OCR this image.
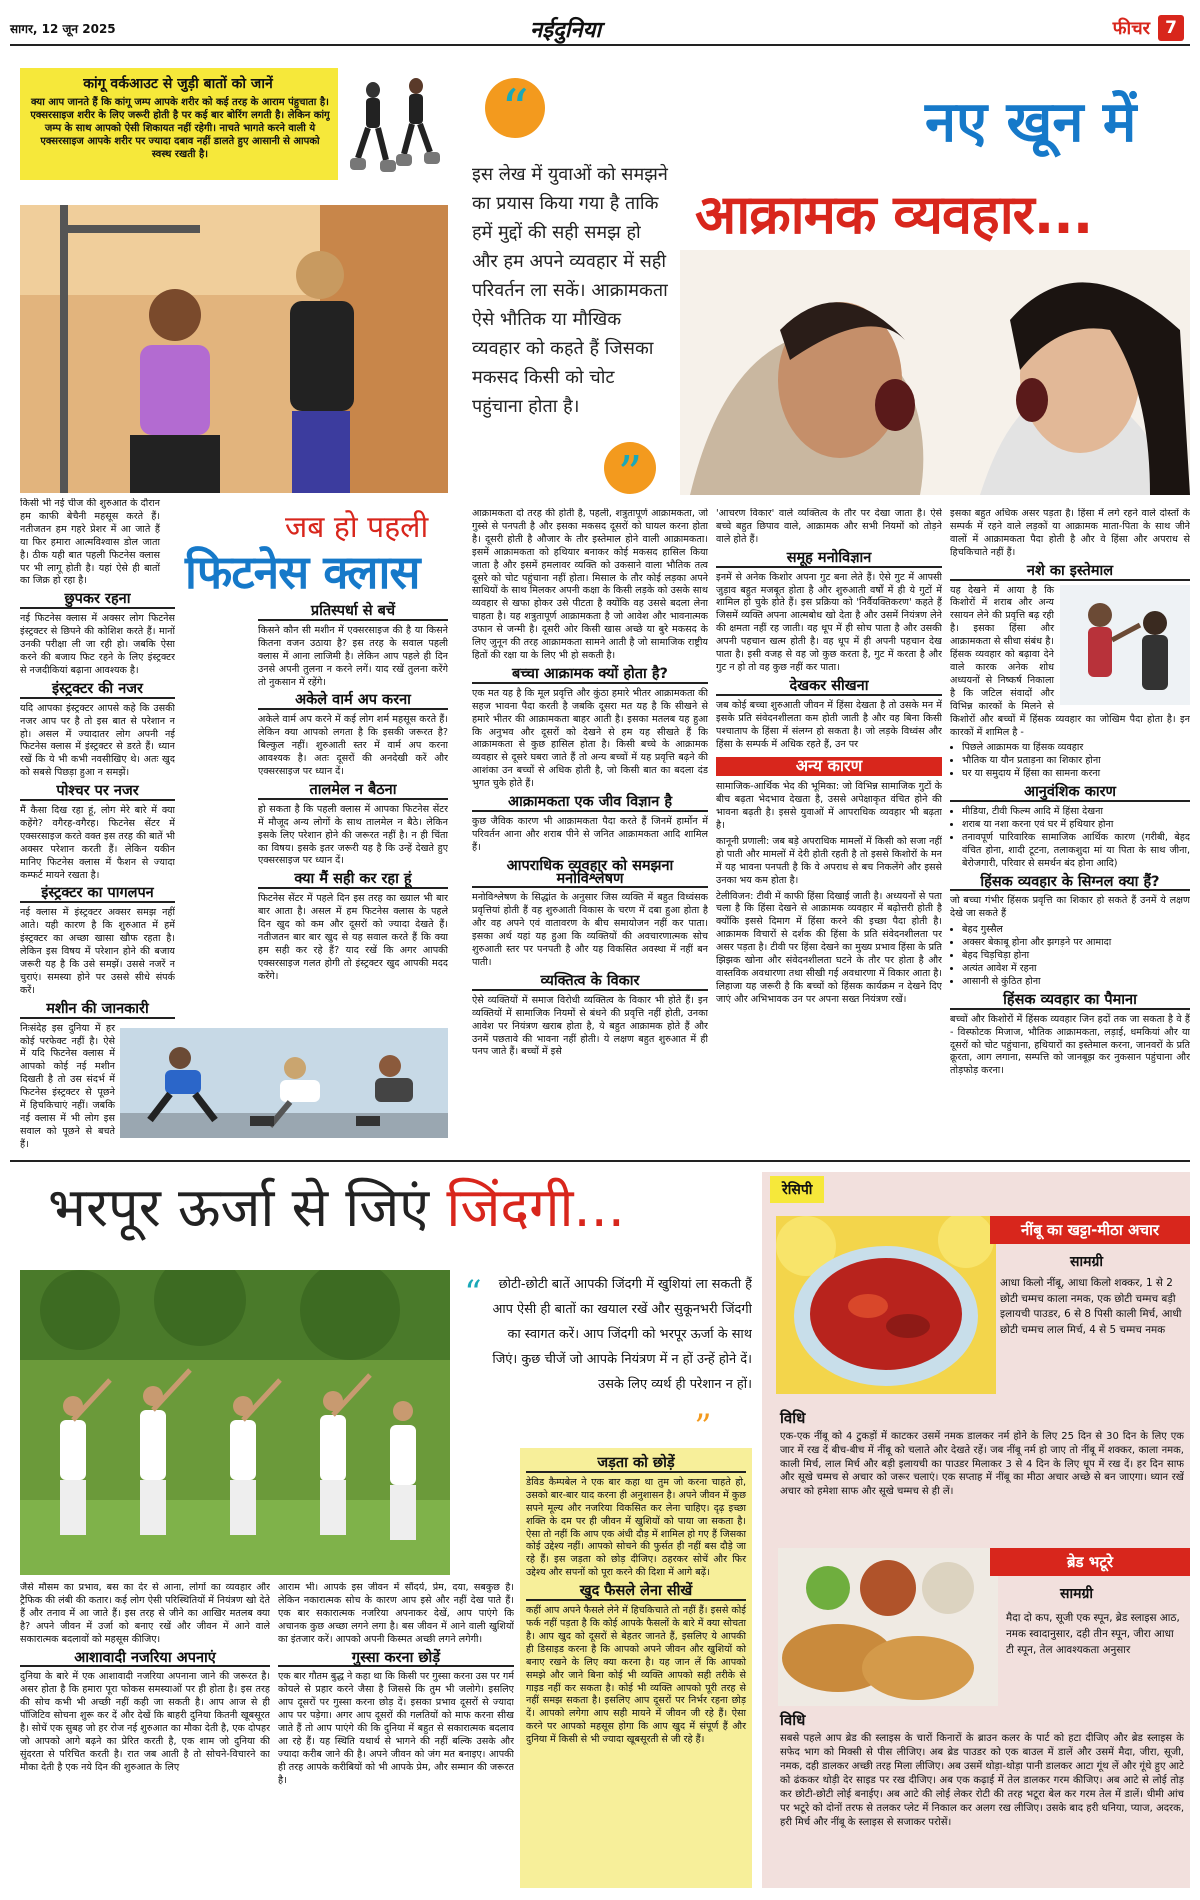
सागर, 12 जून 2025	नईदुनिया	फीचर 7
कांगू वर्कआउट से जुड़ी बातों को जानें
क्या आप जानते हैं कि कांगू जम्प आपके शरीर को कई तरह के आराम पंहुचाता है। एक्सरसाइज शरीर के लिए जरूरी होती है पर कई बार बोरिंग लगती है। लेकिन कांगू जम्प के साथ आपको ऐसी शिकायत नहीं रहेगी। नाचते भागते करने वाली ये एक्सरसाइज आपके शरीर पर ज्यादा दबाव नहीं डालते हुए आसानी से आपको स्वस्थ रखती है।
जब हो पहली
फिटनेस क्लास

किसी भी नई चीज की शुरुआत के दौरान हम काफी बेचैनी महसूस करते हैं। नतीजतन हम गहरे प्रेशर में आ जाते हैं या फिर हमारा आत्मविश्वास डोल जाता है। ठीक यही बात पहली फिटनेस क्लास पर भी लागू होती है। यहां ऐसे ही बातों का जिक्र हो रहा है।

छुपकर रहना

नई फिटनेस क्लास में अक्सर लोग फिटनेस इंस्ट्रक्टर से छिपने की कोशिश करते हैं। मानों उनकी परीक्षा ली जा रही हो। जबकि ऐसा करने की बजाय फिट रहने के लिए इंस्ट्रक्टर से नजदीकियां बढ़ाना आवश्यक है।

इंस्ट्रक्टर की नजर

यदि आपका इंस्ट्रक्टर आपसे कहे कि उसकी नजर आप पर है तो इस बात से परेशान न हो। असल में ज्यादातर लोग अपनी नई फिटनेस क्लास में इंस्ट्रक्टर से डरते हैं। ध्यान रखें कि ये भी कभी नवसीखिए थे। अतः खुद को सबसे पिछड़ा हुआ न समझें।

पोश्चर पर नजर

मैं कैसा दिख रहा हूं, लोग मेरे बारे में क्या कहेंगे? वगैरह-वगैरह। फिटनेस सेंटर में एक्सरसाइज करते वक्त इस तरह की बातें भी अक्सर परेशान करती हैं। लेकिन यकीन मानिए फिटनेस क्लास में फैशन से ज्यादा कम्फर्ट मायने रखता है।

इंस्ट्रक्टर का पागलपन

नई क्लास में इंस्ट्रक्टर अक्सर समझ नहीं आते। यही कारण है कि शुरुआत में हमें इंस्ट्रक्टर का अच्छा खासा खौफ रहता है। लेकिन इस विषय में परेशान होने की बजाय जरूरी यह है कि उसे समझें। उससे नजरें न चुराएं। समस्या होने पर उससे सीधे संपर्क करें।

मशीन की जानकारी

निःसंदेह इस दुनिया में हर कोई परफेक्ट नहीं है। ऐसे में यदि फिटनेस क्लास में आपको कोई नई मशीन दिखती है तो उस संदर्भ में फिटनेस इंस्ट्रक्टर से पूछने में हिचकिचाएं नहीं। जबकि नई क्लास में भी लोग इस सवाल को पूछने से बचते हैं।

प्रतिस्पर्धा से बचें

किसने कौन सी मशीन में एक्सरसाइज की है या किसने कितना वजन उठाया है? इस तरह के सवाल पहली क्लास में आना लाजिमी है। लेकिन आप पहले ही दिन उनसे अपनी तुलना न करने लगें। याद रखें तुलना करेंगे तो नुकसान में रहेंगे।

अकेले वार्म अप करना

अकेले वार्म अप करने में कई लोग शर्म महसूस करते हैं। लेकिन क्या आपको लगता है कि इसकी जरूरत है? बिल्कुल नहीं। शुरुआती स्तर में वार्म अप करना आवश्यक है। अतः दूसरों की अनदेखी करें और एक्सरसाइज पर ध्यान दें।

तालमेल न बैठना

हो सकता है कि पहली क्लास में आपका फिटनेस सेंटर में मौजूद अन्य लोगों के साथ तालमेल न बैठे। लेकिन इसके लिए परेशान होने की जरूरत नहीं है। न ही चिंता का विषय। इसके इतर जरूरी यह है कि उन्हें देखते हुए एक्सरसाइज पर ध्यान दें।

क्या मैं सही कर रहा हूं

फिटनेस सेंटर में पहले दिन इस तरह का ख्याल भी बार बार आता है। असल में हम फिटनेस क्लास के पहले दिन खुद को कम और दूसरों को ज्यादा देखते हैं। नतीजतन बार बार खुद से यह सवाल करते हैं कि क्या हम सही कर रहे हैं? याद रखें कि अगर आपकी एक्सरसाइज गलत होगी तो इंस्ट्रक्टर खुद आपकी मदद करेंगे।

“
इस लेख में युवाओं को समझने का प्रयास किया गया है ताकि हमें मुद्दों की सही समझ हो और हम अपने व्यवहार में सही परिवर्तन ला सकें। आक्रामकता ऐसे भौतिक या मौखिक व्यवहार को कहते हैं जिसका मकसद किसी को चोट पहुंचाना होता है।
”
नए खून में
आक्रामक व्यवहार...

आक्रामकता दो तरह की होती है, पहली, शत्रुतापूर्ण आक्रामकता, जो गुस्से से पनपती है और इसका मकसद दूसरों को घायल करना होता है। दूसरी होती है औजार के तौर इस्तेमाल होने वाली आक्रामकता। इसमें आक्रामकता को हथियार बनाकर कोई मकसद हासिल किया जाता है और इसमें हमलावर व्यक्ति को उकसाने वाला भौतिक तत्व दूसरे को चोट पहुंचाना नहीं होता। मिसाल के तौर कोई लड़का अपने साथियों के साथ मिलकर अपनी कक्षा के किसी लड़के को उसके साथ व्यवहार से खफा होकर उसे पीटता है क्योंकि वह उससे बदला लेना चाहता है। यह शत्रुतापूर्ण आक्रामकता है जो आवेश और भावनात्मक उफान से जन्मी है। दूसरी ओर किसी खास अच्छे या बुरे मकसद के लिए जुनून की तरह आक्रामकता सामने आती है जो सामाजिक राष्ट्रीय हितों की रक्षा या के लिए भी हो सकती है।

बच्चा आक्रामक क्यों होता है?

एक मत यह है कि मूल प्रवृत्ति और कुंठा हमारे भीतर आक्रामकता की सहज भावना पैदा करती है जबकि दूसरा मत यह है कि सीखने से हमारे भीतर की आक्रामकता बाहर आती है। इसका मतलब यह हुआ कि अनुभव और दूसरों को देखने से हम यह सीखते हैं कि आक्रामकता से कुछ हासिल होता है। किसी बच्चे के आक्रामक व्यवहार से दूसरे घबरा जाते हैं तो अन्य बच्चों में यह प्रवृत्ति बढ़ने की आशंका उन बच्चों से अधिक होती है, जो किसी बात का बदला दंड भुगत चुके होते हैं।

आक्रामकता एक जीव विज्ञान है

कुछ जैविक कारण भी आक्रामकता पैदा करते हैं जिनमें हार्मोन में परिवर्तन आना और शराब पीने से जनित आक्रामकता आदि शामिल हैं।

आपराधिक व्यवहार को समझना मनोविश्लेषण

मनोविश्लेषण के सिद्धांत के अनुसार जिस व्यक्ति में बहुत विध्वंसक प्रवृत्तियां होती हैं वह शुरुआती विकास के चरण में दबा हुआ होता है और वह अपने एवं वातावरण के बीच समायोजन नहीं कर पाता। इसका अर्थ यहां यह हुआ कि व्यक्तियों की अवचारणात्मक सोच शुरुआती स्तर पर पनपती है और यह विकसित अवस्था में नहीं बन पाती।

व्यक्तित्व के विकार

ऐसे व्यक्तियों में समाज विरोधी व्यक्तित्व के विकार भी होते हैं। इन व्यक्तियों में सामाजिक नियमों से बंधने की प्रवृत्ति नहीं होती, उनका आवेश पर नियंत्रण खराब होता है, ये बहुत आक्रामक होते हैं और उनमें पछतावे की भावना नहीं होती। ये लक्षण बहुत शुरुआत में ही पनप जाते हैं। बच्चों में इसे

'आचरण विकार' वाले व्यक्तित्व के तौर पर देखा जाता है। ऐसे बच्चे बहुत छिपाव वाले, आक्रामक और सभी नियमों को तोड़ने वाले होते हैं।

समूह मनोविज्ञान

इनमें से अनेक किशोर अपना गुट बना लेते हैं। ऐसे गुट में आपसी जुड़ाव बहुत मजबूत होता है और शुरुआती वर्षों में ही ये गुटों में शामिल हो चुके होते हैं। इस प्रक्रिया को 'निर्वैयक्तिकरण' कहते हैं जिसमें व्यक्ति अपना आत्मबोध खो देता है और उसमें नियंत्रण लेने की क्षमता नहीं रह जाती। वह धूप में ही सोच पाता है और उसकी अपनी पहचान खत्म होती है। वह धूप में ही अपनी पहचान देख पाता है। इसी वजह से वह जो कुछ करता है, गुट में करता है और गुट न हो तो वह कुछ नहीं कर पाता।

देखकर सीखना

जब कोई बच्चा शुरुआती जीवन में हिंसा देखता है तो उसके मन में इसके प्रति संवेदनशीलता कम होती जाती है और वह बिना किसी पश्चाताप के हिंसा में संलग्न हो सकता है। जो लड़के विध्वंस और हिंसा के सम्पर्क में अधिक रहते हैं, उन पर

अन्य कारण

सामाजिक-आर्थिक भेद की भूमिका: जो विभिन्न सामाजिक गुटों के बीच बढ़ता भेदभाव देखता है, उससे अपेक्षाकृत वंचित होने की भावना बढ़ती है। इससे युवाओं में आपराधिक व्यवहार भी बढ़ता है।

कानूनी प्रणाली: जब बड़े अपराधिक मामलों में किसी को सजा नहीं हो पाती और मामलों में देरी होती रहती है तो इससे किशोरों के मन में यह भावना पनपती है कि वे अपराध से बच निकलेंगे और इससे उनका भय कम होता है।

टेलीविजन: टीवी में काफी हिंसा दिखाई जाती है। अध्ययनों से पता चला है कि हिंसा देखने से आक्रामक व्यवहार में बढ़ोत्तरी होती है क्योंकि इससे दिमाग में हिंसा करने की इच्छा पैदा होती है। आक्रामक विचारों से दर्शक की हिंसा के प्रति संवेदनशीलता पर असर पड़ता है। टीवी पर हिंसा देखने का मुख्य प्रभाव हिंसा के प्रति झिझक खोना और संवेदनशीलता घटने के तौर पर होता है और वास्तविक अवधारणा तथा सीखी गई अवधारणा में विकार आता है। लिहाजा यह जरूरी है कि बच्चों को हिंसक कार्यक्रम न देखने दिए जाएं और अभिभावक उन पर अपना सख्त नियंत्रण रखें।

इसका बहुत अधिक असर पड़ता है। हिंसा में लगे रहने वाले दोस्तों के सम्पर्क में रहने वाले लड़कों या आक्रामक माता-पिता के साथ जीने वालों में आक्रामकता पैदा होती है और वे हिंसा और अपराध से हिचकिचाते नहीं हैं।

नशे का इस्तेमाल

यह देखने में आया है कि किशोरों में शराब और अन्य रसायन लेने की प्रवृत्ति बढ़ रही है। इसका हिंसा और आक्रामकता से सीधा संबंध है। हिंसक व्यवहार को बढ़ावा देने वाले कारक अनेक शोध अध्ययनों से निष्कर्ष निकाला है कि जटिल संवादों और विभिन्न कारकों के मिलने से किशोरों और बच्चों में हिंसक व्यवहार का जोखिम पैदा होता है। इन कारकों में शामिल है -

• पिछले आक्रामक या हिंसक व्यवहार
• भौतिक या यौन प्रताड़ना का शिकार होना
• घर या समुदाय में हिंसा का सामना करना
आनुवंशिक कारण
• मीडिया, टीवी फिल्म आदि में हिंसा देखना
• शराब या नशा करना एवं घर में हथियार होना
• तनावपूर्ण पारिवारिक सामाजिक आर्थिक कारण (गरीबी, बेहद वंचित होना, शादी टूटना, तलाकशुदा मां या पिता के साथ जीना, बेरोजगारी, परिवार से समर्थन बंद होना आदि)
हिंसक व्यवहार के सिग्नल क्या हैं?

जो बच्चा गंभीर हिंसक प्रवृत्ति का शिकार हो सकते हैं उनमें ये लक्षण देखे जा सकते हैं

• बेहद गुस्सैल
• अक्सर बेकाबू होना और झगड़ने पर आमादा
• बेहद चिड़चिड़ा होना
• अत्यंत आवेश में रहना
• आसानी से कुंठित होना
हिंसक व्यवहार का पैमाना

बच्चों और किशोरों में हिंसक व्यवहार जिन हदों तक जा सकता है वे हैं - विस्फोटक मिजाज, भौतिक आक्रामकता, लड़ाई, धमकियां और या दूसरों को चोट पहुंचाना, हथियारों का इस्तेमाल करना, जानवरों के प्रति क्रूरता, आग लगाना, सम्पत्ति को जानबूझ कर नुकसान पहुंचाना और तोड़फोड़ करना।

भरपूर ऊर्जा से जिएं जिंदगी...
“	छोटी-छोटी बातें आपकी जिंदगी में खुशियां ला सकती हैं आप ऐसी ही बातों का खयाल रखें और सुकूनभरी जिंदगी का स्वागत करें। आप जिंदगी को भरपूर ऊर्जा के साथ जिएं। कुछ चीजें जो आपके नियंत्रण में न हों उन्हें होने दें। उसके लिए व्यर्थ ही परेशान न हों।
”

जैसे मौसम का प्रभाव, बस का देर से आना, लोगों का व्यवहार और ट्रैफिक की लंबी की कतार। कई लोग ऐसी परिस्थितियों में नियंत्रण खो देते हैं और तनाव में आ जाते हैं। इस तरह से जीने का आखिर मतलब क्या है? अपने जीवन में उर्जा को बनाए रखें और जीवन में आने वाले सकारात्मक बदलावों को महसूस कीजिए।

आशावादी नजरिया अपनाएं

दुनिया के बारे में एक आशावादी नजरिया अपनाना जाने की जरूरत है। असर होता है कि हमारा पूरा फोकस समस्याओं पर ही होता है। इस तरह की सोच कभी भी अच्छी नहीं कही जा सकती है। आप आज से ही पॉजिटिव सोचना शुरू कर दें और देखें कि बाहरी दुनिया कितनी खूबसूरत है। सोचें एक सुबह जो हर रोज नई शुरुआत का मौका देती है, एक दोपहर जो आपको आगे बढ़ने का प्रेरित करती है, एक शाम जो दुनिया की सुंदरता से परिचित करती है। रात जब आती है तो सोचने-विचारने का मौका देती है एक नये दिन की शुरुआत के लिए

आराम भी। आपके इस जीवन में सौंदर्य, प्रेम, दया, सबकुछ है। लेकिन नकारात्मक सोच के कारण आप इसे और नहीं देख पाते हैं। एक बार सकारात्मक नजरिया अपनाकर देखें, आप पाएंगे कि अचानक कुछ अच्छा लगने लगा है। बस जीवन में आने वाली खुशियों का इंतजार करें। आपको अपनी किस्मत अच्छी लगने लगेगी।

गुस्सा करना छोड़ें

एक बार गौतम बुद्ध ने कहा था कि किसी पर गुस्सा करना उस पर गर्म कोयले से प्रहार करने जैसा है जिससे कि तुम भी जलोगे। इसलिए आप दूसरों पर गुस्सा करना छोड़ दें। इसका प्रभाव दूसरों से ज्यादा आप पर पड़ेगा। अगर आप दूसरों की गलतियों को माफ करना सीख जाते हैं तो आप पाएंगे की कि दुनिया में बहुत से सकारात्मक बदलाव आ रहे हैं। यह स्थिति यथार्थ से भागने की नहीं बल्कि उसके और ज्यादा करीब जाने की है। अपने जीवन को जंग मत बनाइए। आपकी ही तरह आपके करीबियों को भी आपके प्रेम, और सम्मान की जरूरत है।

जड़ता को छोड़ें

डेविड कैम्पबेल ने एक बार कहा था तुम जो करना चाहते हो, उसको बार-बार याद करना ही अनुशासन है। अपने जीवन में कुछ सपने मूल्य और नजरिया विकसित कर लेना चाहिए। दृढ़ इच्छा शक्ति के दम पर ही जीवन में खुशियों को पाया जा सकता है। ऐसा तो नहीं कि आप एक अंधी दौड़ में शामिल हो गए हैं जिसका कोई उद्देश्य नहीं। आपको सोचने की फुर्सत ही नहीं बस दौड़े जा रहे हैं। इस जड़ता को छोड़ दीजिए। ठहरकर सोचें और फिर उद्देश्य और सपनों को पूरा करने की दिशा में आगे बढ़ें।

खुद फैसले लेना सीखें

कहीं आप अपने फैसले लेने में हिचकिचाते तो नहीं हैं। इससे कोई फर्क नहीं पड़ता है कि कोई आपके फैसलों के बारे में क्या सोचता है। आप खुद को दूसरों से बेहतर जानते हैं, इसलिए ये आपकी ही डिसाइड करना है कि आपको अपने जीवन और खुशियों को बनाए रखने के लिए क्या करना है। यह जान लें कि आपको समझे और जाने बिना कोई भी व्यक्ति आपको सही तरीके से गाइड नहीं कर सकता है। कोई भी व्यक्ति आपको पूरी तरह से नहीं समझ सकता है। इसलिए आप दूसरों पर निर्भर रहना छोड़ दें। आपको लगेगा आप सही मायने में जीवन जी रहे हैं। ऐसा करने पर आपको महसूस होगा कि आप खुद में संपूर्ण हैं और दुनिया में किसी से भी ज्यादा खूबसूरती से जी रहे हैं।

रेसिपी
नींबू का खट्टा-मीठा अचार
सामग्री
आधा किलो नींबू, आधा किलो शक्कर, 1 से 2 छोटी चम्मच काला नमक, एक छोटी चम्मच बड़ी इलायची पाउडर, 6 से 8 पिसी काली मिर्च, आधी छोटी चम्मच लाल मिर्च, 4 से 5 चम्मच नमक
विधि
एक-एक नींबू को 4 टुकड़ों में काटकर उसमें नमक डालकर नर्म होने के लिए 25 दिन से 30 दिन के लिए एक जार में रख दें बीच-बीच में नींबू को चलाते और देखते रहें। जब नींबू नर्म हो जाए तो नींबू में शक्कर, काला नमक, काली मिर्च, लाल मिर्च और बड़ी इलायची का पाउडर मिलाकर 3 से 4 दिन के लिए धूप में रख दें। हर दिन साफ और सूखे चम्मच से अचार को जरूर चलाएं। एक सप्ताह में नींबू का मीठा अचार अच्छे से बन जाएगा। ध्यान रखें अचार को हमेशा साफ और सूखे चम्मच से ही लें।
ब्रेड भटूरे
सामग्री
मैदा दो कप, सूजी एक स्पून, ब्रेड स्लाइस आठ, नमक स्वादानुसार, दही तीन स्पून, जीरा आधा टी स्पून, तेल आवश्यकता अनुसार
विधि
सबसे पहले आप ब्रेड की स्लाइस के चारों किनारों के ब्राउन कलर के पार्ट को हटा दीजिए और ब्रेड स्लाइस के सफेद भाग को मिक्सी से पीस लीजिए। अब ब्रेड पाउडर को एक बाउल में डालें और उसमें मैदा, जीरा, सूजी, नमक, दही डालकर अच्छी तरह मिला लीजिए। अब उसमें थोड़ा-थोड़ा पानी डालकर आटा गूंथ लें और गूंथे हुए आटे को ढंककर थोड़ी देर साइड पर रख दीजिए। अब एक कढ़ाई में तेल डालकर गरम कीजिए। अब आटे से लोई तोड़ कर छोटी-छोटी लोई बनाईए। अब आटे की लोई लेकर रोटी की तरह भटूरा बेल कर गरम तेल में डालें। धीमी आंच पर भटूरे को दोनों तरफ से तलकर प्लेट में निकाल कर अलग रख लीजिए। उसके बाद हरी धनिया, प्याज, अदरक, हरी मिर्च और नींबू के स्लाइस से सजाकर परोसें।
